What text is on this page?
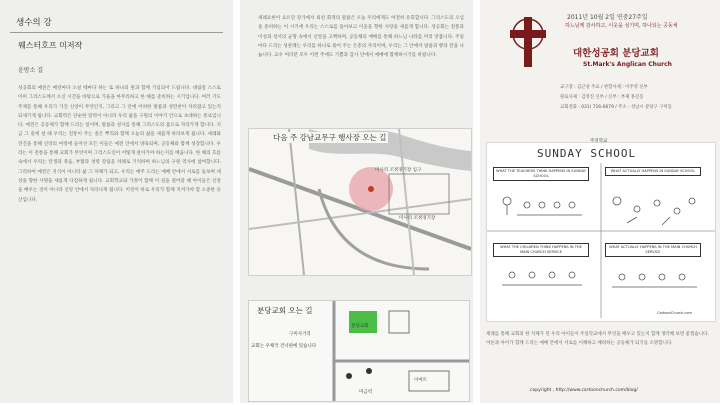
생수의 강
웨스터호프 미저작
윤밤소 걸

성공회의 예전은 매년마다 오실 때마다 하는 또 하나의 원과 함께 기념되어 드립니다. 대림절 스스로 이미 그리스도께서 오신 시간을 바탕으로 가을을 마무리하고 한 해를 준비하는 시기입니다. 여러 기도 주제를 통해 우리가 가진 신앙이 무엇인지, 그리고 그 안에 어떠한 말씀과 성만찬이 자리잡고 있는지 되새기게 됩니다. 교회력은 단순한 달력이 아니라 우리 삶을 구원의 이야기 안으로 초대하는 통로입니다. 예전은 공동체가 함께 드리는 일이며, 말씀과 성사를 통해 그리스도의 몸으로 자라가게 합니다. 지금 그 길에 설 때 우리는 전통이 주는 깊은 뿌리와 함께 오늘의 삶을 새롭게 바라보게 됩니다. 세례와 견진을 통해 신앙의 여정에 들어선 모든 이들은 예전 안에서 양육되며, 공동체와 함께 성장합니다. 우리는 이 전통을 통해 교회가 무엇이며 그리스도인이 어떻게 살아가야 하는지를 배웁니다. 한 해의 흐름 속에서 우리는 탄생과 죽음, 부활과 성령 강림을 차례로 기억하며 하느님의 구원 역사에 참여합니다. 그리하여 예전은 지식이 아니라 삶 그 자체가 되고, 우리는 매주 드리는 예배 안에서 서로를 돌보며 세상을 향한 사명을 새롭게 다짐하게 됩니다. 교회학교와 가정이 함께 이 길을 걸어갈 때 아이들은 신앙을 배우는 것이 아니라 신앙 안에서 자라나게 됩니다. 이것이 바로 우리가 함께 지켜가야 할 소중한 유산입니다.

세례요한이 요르단 강가에서 외친 회개의 말씀은 오늘 우리에게도 여전히 유효합니다. 그리스도의 오심을 준비하는 이 시기에 우리는 스스로를 돌아보고 이웃을 향한 사랑을 새롭게 합니다. 성공회는 전통과 이성과 성서의 균형 속에서 신앙을 고백하며, 공동체의 예배를 통해 하느님 나라를 미리 맛봅니다. 주일마다 드리는 성찬례는 우리를 하나로 묶어 주는 은총의 자리이며, 우리는 그 안에서 말씀과 빵과 잔을 나눕니다. 교우 여러분 모두 이번 주에도 기쁨과 감사 안에서 예배에 함께하시기를 바랍니다.

다음 주 강남교무구 행사장 오는 길
미사리 조정경기장 입구
미사리 조정경기장
분당교회 오는 길
분당교회
교회는 우체국 건너편에 있습니다
구미사거리
이마트
미금역
2011년 10월 2일 연중27주일
하느님께 감사하고, 이웃을 섬기며, 하나되는 공동체
대한성공회 분당교회
St.Mark's Anglican Church
교구장 : 김근상 주교 / 관할사제 : 이주영 신부
원로사제 : 김영진 신부 / 신부 : 부제 홍길동
교회전화 : 031) 716-6679 / 주소 : 성남시 분당구 구미동
SUNDAY SCHOOL
WHAT THE TEACHERS THINK HAPPENS IN SUNDAY SCHOOL
WHAT ACTUALLY HAPPENS IN SUNDAY SCHOOL
WHAT THE CHILDREN THINK HAPPENS IN THE MAIN CHURCH SERVICE
WHAT ACTUALLY HAPPENS IN THE MAIN CHURCH SERVICE
CartoonChurch.com

세례를 통해 교회의 한 지체가 된 우리 아이들이 주일학교에서 무엇을 배우고 있는지 함께 생각해 보면 좋겠습니다. 어른과 아이가 함께 드리는 예배 안에서 서로를 이해하고 배려하는 공동체가 되기를 소망합니다.

copyright , http://www.cartoonchurch.com/blog/
